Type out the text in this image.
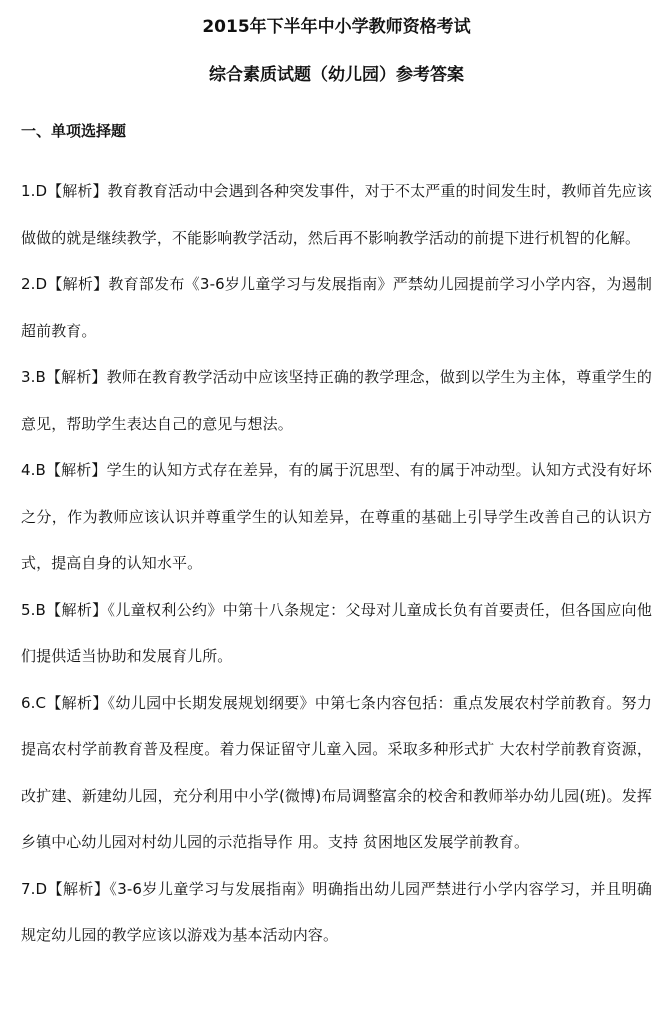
2015年下半年中小学教师资格考试
综合素质试题（幼儿园）参考答案
一、单项选择题

1.D【解析】教育教育活动中会遇到各种突发事件，对于不太严重的时间发生时，教师首先应该做做的就是继续教学，不能影响教学活动，然后再不影响教学活动的前提下进行机智的化解。

2.D【解析】教育部发布《3-6岁儿童学习与发展指南》严禁幼儿园提前学习小学内容，为遏制超前教育。

3.B【解析】教师在教育教学活动中应该坚持正确的教学理念，做到以学生为主体，尊重学生的意见，帮助学生表达自己的意见与想法。

4.B【解析】学生的认知方式存在差异，有的属于沉思型、有的属于冲动型。认知方式没有好坏之分，作为教师应该认识并尊重学生的认知差异，在尊重的基础上引导学生改善自己的认识方式，提高自身的认知水平。

5.B【解析】《儿童权利公约》中第十八条规定：父母对儿童成长负有首要责任，但各国应向他们提供适当协助和发展育儿所。

6.C【解析】《幼儿园中长期发展规划纲要》中第七条内容包括：重点发展农村学前教育。努力提高农村学前教育普及程度。着力保证留守儿童入园。采取多种形式扩 大农村学前教育资源，改扩建、新建幼儿园，充分利用中小学(微博)布局调整富余的校舍和教师举办幼儿园(班)。发挥乡镇中心幼儿园对村幼儿园的示范指导作 用。支持 贫困地区发展学前教育。

7.D【解析】《3-6岁儿童学习与发展指南》明确指出幼儿园严禁进行小学内容学习，并且明确规定幼儿园的教学应该以游戏为基本活动内容。
